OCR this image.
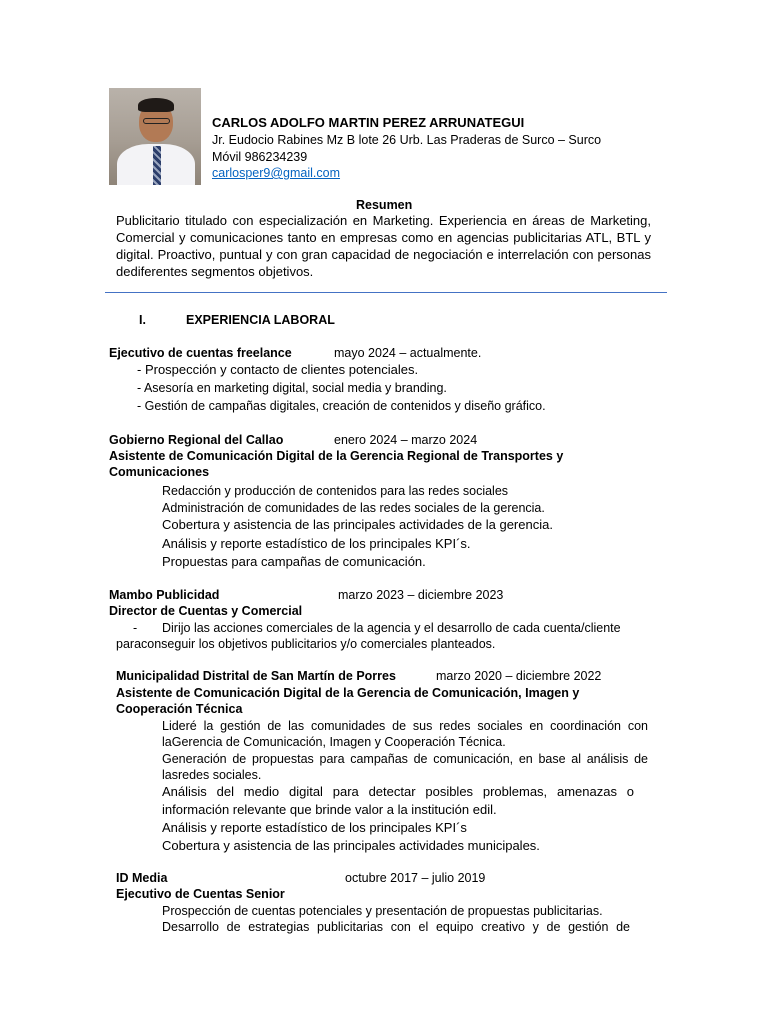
CARLOS ADOLFO MARTIN PEREZ ARRUNATEGUI
Jr. Eudocio Rabines Mz B lote 26 Urb. Las Praderas de Surco – Surco
Móvil 986234239
carlosper9@gmail.com
Resumen
Publicitario titulado con especialización en Marketing. Experiencia en áreas de Marketing, Comercial y comunicaciones tanto en empresas como en agencias publicitarias ATL, BTL y digital. Proactivo, puntual y con gran capacidad de negociación e interrelación con personas dediferentes segmentos objetivos.
I.	EXPERIENCIA LABORAL
Ejecutivo de cuentas freelance	mayo 2024 – actualmente.
- Prospección y contacto de clientes potenciales.
- Asesoría en marketing digital, social media y branding.
- Gestión de campañas digitales, creación de contenidos y diseño gráfico.
Gobierno Regional del Callao	enero 2024 – marzo 2024
Asistente de Comunicación Digital de la Gerencia Regional de Transportes y
Comunicaciones
Redacción y producción de contenidos para las redes sociales
Administración de comunidades de las redes sociales de la gerencia.
Cobertura y asistencia de las principales actividades de la gerencia.
Análisis y reporte estadístico de los principales KPI´s.
Propuestas para campañas de comunicación.
Mambo Publicidad	marzo 2023 – diciembre 2023
Director de Cuentas y Comercial
- Dirijo las acciones comerciales de la agencia y el desarrollo de cada cuenta/cliente
paraconseguir los objetivos publicitarios y/o comerciales planteados.
Municipalidad Distrital de San Martín de Porres	marzo 2020 – diciembre 2022
Asistente de Comunicación Digital de la Gerencia de Comunicación, Imagen y
Cooperación Técnica
Lideré la gestión de las comunidades de sus redes sociales en coordinación con laGerencia de Comunicación, Imagen y Cooperación Técnica.
Generación de propuestas para campañas de comunicación, en base al análisis de lasredes sociales.
Análisis del medio digital para detectar posibles problemas, amenazas o información relevante que brinde valor a la institución edil.
Análisis y reporte estadístico de los principales KPI´s
Cobertura y asistencia de las principales actividades municipales.
ID Media	octubre 2017 – julio 2019
Ejecutivo de Cuentas Senior
Prospección de cuentas potenciales y presentación de propuestas publicitarias.
Desarrollo de estrategias publicitarias con el equipo creativo y de gestión de
